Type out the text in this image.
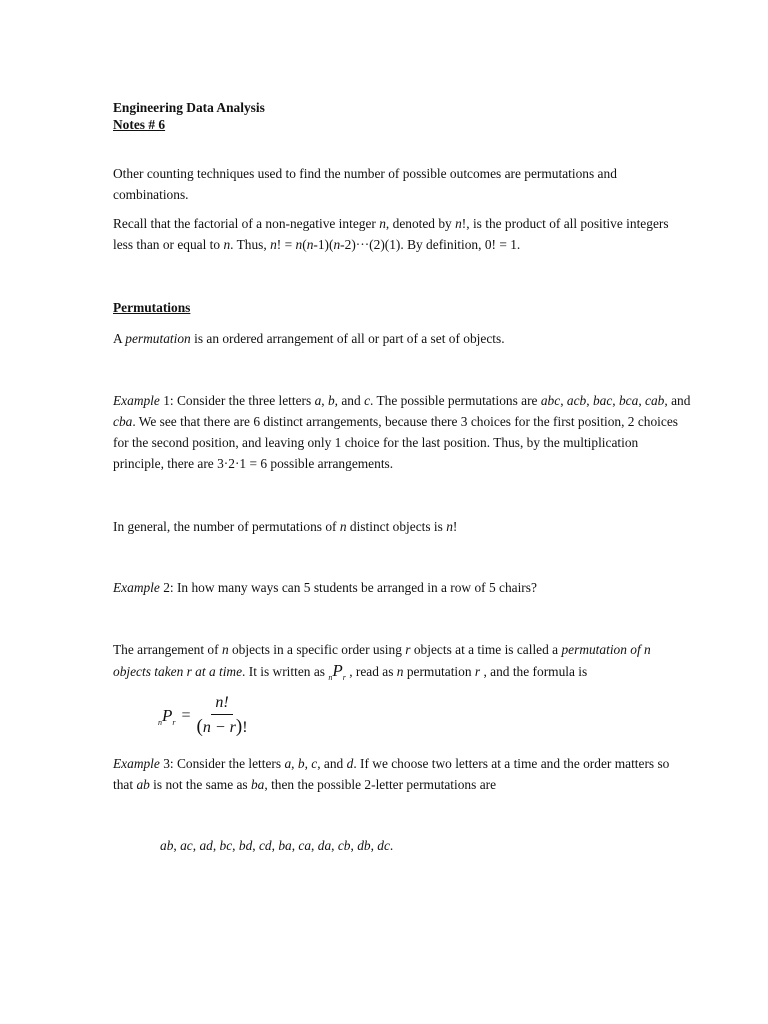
Engineering Data Analysis
Notes # 6
Other counting techniques used to find the number of possible outcomes are permutations and combinations.
Recall that the factorial of a non-negative integer n, denoted by n!, is the product of all positive integers less than or equal to n. Thus, n! = n(n-1)(n-2)···(2)(1). By definition, 0! = 1.
Permutations
A permutation is an ordered arrangement of all or part of a set of objects.
Example 1: Consider the three letters a, b, and c. The possible permutations are abc, acb, bac, bca, cab, and cba. We see that there are 6 distinct arrangements, because there 3 choices for the first position, 2 choices for the second position, and leaving only 1 choice for the last position. Thus, by the multiplication principle, there are 3·2·1 = 6 possible arrangements.
In general, the number of permutations of n distinct objects is n!
Example 2: In how many ways can 5 students be arranged in a row of 5 chairs?
The arrangement of n objects in a specific order using r objects at a time is called a permutation of n objects taken r at a time. It is written as $_nP_r$ , read as n permutation r , and the formula is
n P $r = \frac{n!}{(n - r)!}$
Example 3: Consider the letters a, b, c, and d. If we choose two letters at a time and the order matters so that ab is not the same as ba, then the possible 2-letter permutations are
ab, ac, ad, bc, bd, cd, ba, ca, da, cb, db, dc.
